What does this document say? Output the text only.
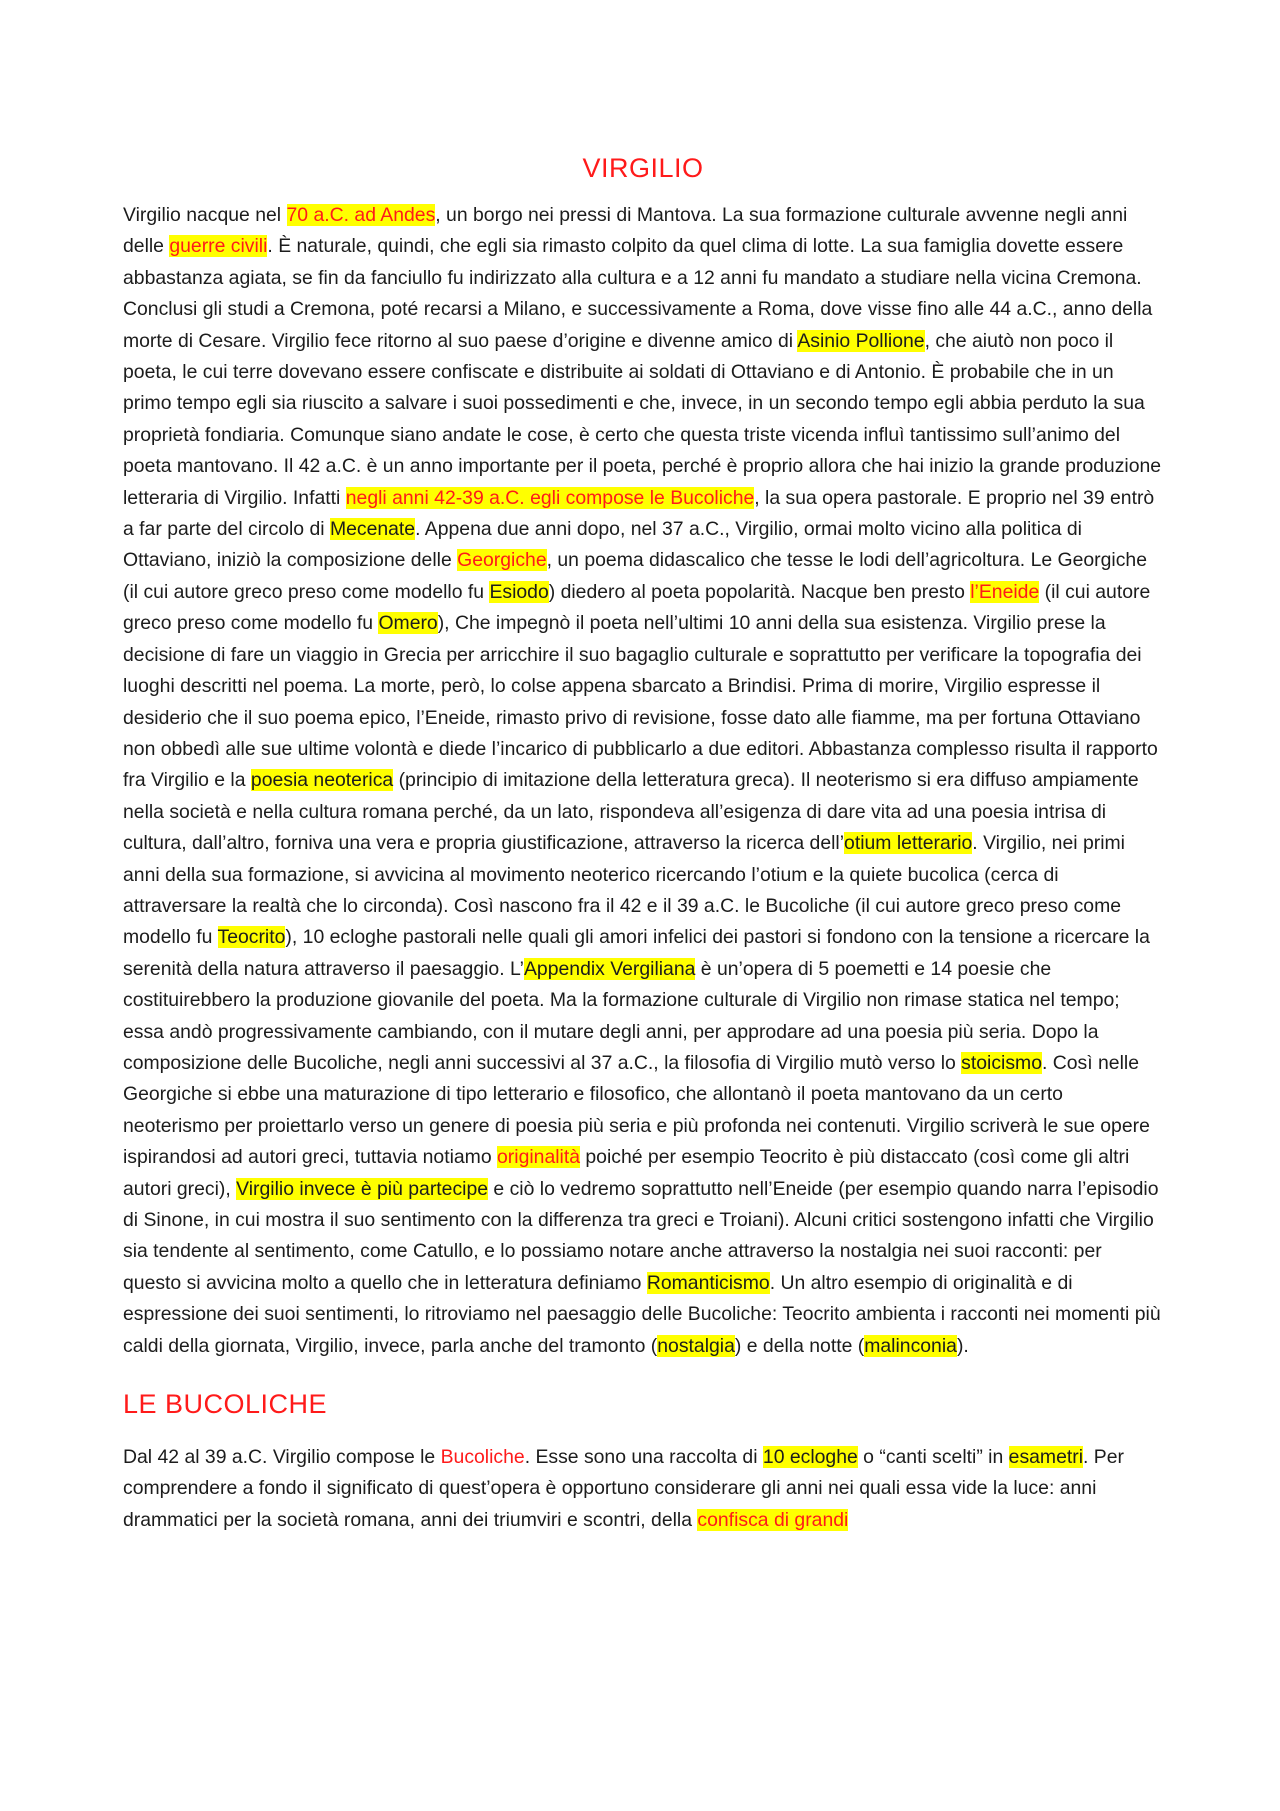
VIRGILIO

Virgilio nacque nel 70 a.C. ad Andes, un borgo nei pressi di Mantova. La sua formazione culturale avvenne negli anni delle guerre civili. È naturale, quindi, che egli sia rimasto colpito da quel clima di lotte. La sua famiglia dovette essere abbastanza agiata, se fin da fanciullo fu indirizzato alla cultura e a 12 anni fu mandato a studiare nella vicina Cremona. Conclusi gli studi a Cremona, poté recarsi a Milano, e successivamente a Roma, dove visse fino alle 44 a.C., anno della morte di Cesare. Virgilio fece ritorno al suo paese d’origine e divenne amico di Asinio Pollione, che aiutò non poco il poeta, le cui terre dovevano essere confiscate e distribuite ai soldati di Ottaviano e di Antonio. È probabile che in un primo tempo egli sia riuscito a salvare i suoi possedimenti e che, invece, in un secondo tempo egli abbia perduto la sua proprietà fondiaria. Comunque siano andate le cose, è certo che questa triste vicenda influì tantissimo sull’animo del poeta mantovano. Il 42 a.C. è un anno importante per il poeta, perché è proprio allora che hai inizio la grande produzione letteraria di Virgilio. Infatti negli anni 42-39 a.C. egli compose le Bucoliche, la sua opera pastorale. E proprio nel 39 entrò a far parte del circolo di Mecenate. Appena due anni dopo, nel 37 a.C., Virgilio, ormai molto vicino alla politica di Ottaviano, iniziò la composizione delle Georgiche, un poema didascalico che tesse le lodi dell’agricoltura. Le Georgiche (il cui autore greco preso come modello fu Esiodo) diedero al poeta popolarità. Nacque ben presto l’Eneide (il cui autore greco preso come modello fu Omero), Che impegnò il poeta nell’ultimi 10 anni della sua esistenza. Virgilio prese la decisione di fare un viaggio in Grecia per arricchire il suo bagaglio culturale e soprattutto per verificare la topografia dei luoghi descritti nel poema. La morte, però, lo colse appena sbarcato a Brindisi. Prima di morire, Virgilio espresse il desiderio che il suo poema epico, l’Eneide, rimasto privo di revisione, fosse dato alle fiamme, ma per fortuna Ottaviano non obbedì alle sue ultime volontà e diede l’incarico di pubblicarlo a due editori. Abbastanza complesso risulta il rapporto fra Virgilio e la poesia neoterica (principio di imitazione della letteratura greca). Il neoterismo si era diffuso ampiamente nella società e nella cultura romana perché, da un lato, rispondeva all’esigenza di dare vita ad una poesia intrisa di cultura, dall’altro, forniva una vera e propria giustificazione, attraverso la ricerca dell’otium letterario. Virgilio, nei primi anni della sua formazione, si avvicina al movimento neoterico ricercando l’otium e la quiete bucolica (cerca di attraversare la realtà che lo circonda). Così nascono fra il 42 e il 39 a.C. le Bucoliche (il cui autore greco preso come modello fu Teocrito), 10 ecloghe pastorali nelle quali gli amori infelici dei pastori si fondono con la tensione a ricercare la serenità della natura attraverso il paesaggio. L’Appendix Vergiliana è un’opera di 5 poemetti e 14 poesie che costituirebbero la produzione giovanile del poeta. Ma la formazione culturale di Virgilio non rimase statica nel tempo; essa andò progressivamente cambiando, con il mutare degli anni, per approdare ad una poesia più seria. Dopo la composizione delle Bucoliche, negli anni successivi al 37 a.C., la filosofia di Virgilio mutò verso lo stoicismo. Così nelle Georgiche si ebbe una maturazione di tipo letterario e filosofico, che allontanò il poeta mantovano da un certo neoterismo per proiettarlo verso un genere di poesia più seria e più profonda nei contenuti. Virgilio scriverà le sue opere ispirandosi ad autori greci, tuttavia notiamo originalità poiché per esempio Teocrito è più distaccato (così come gli altri autori greci), Virgilio invece è più partecipe e ciò lo vedremo soprattutto nell’Eneide (per esempio quando narra l’episodio di Sinone, in cui mostra il suo sentimento con la differenza tra greci e Troiani). Alcuni critici sostengono infatti che Virgilio sia tendente al sentimento, come Catullo, e lo possiamo notare anche attraverso la nostalgia nei suoi racconti: per questo si avvicina molto a quello che in letteratura definiamo Romanticismo. Un altro esempio di originalità e di espressione dei suoi sentimenti, lo ritroviamo nel paesaggio delle Bucoliche: Teocrito ambienta i racconti nei momenti più caldi della giornata, Virgilio, invece, parla anche del tramonto (nostalgia) e della notte (malinconia).

LE BUCOLICHE

Dal 42 al 39 a.C. Virgilio compose le Bucoliche. Esse sono una raccolta di 10 ecloghe o “canti scelti” in esametri. Per comprendere a fondo il significato di quest’opera è opportuno considerare gli anni nei quali essa vide la luce: anni drammatici per la società romana, anni dei triumviri e scontri, della confisca di grandi
